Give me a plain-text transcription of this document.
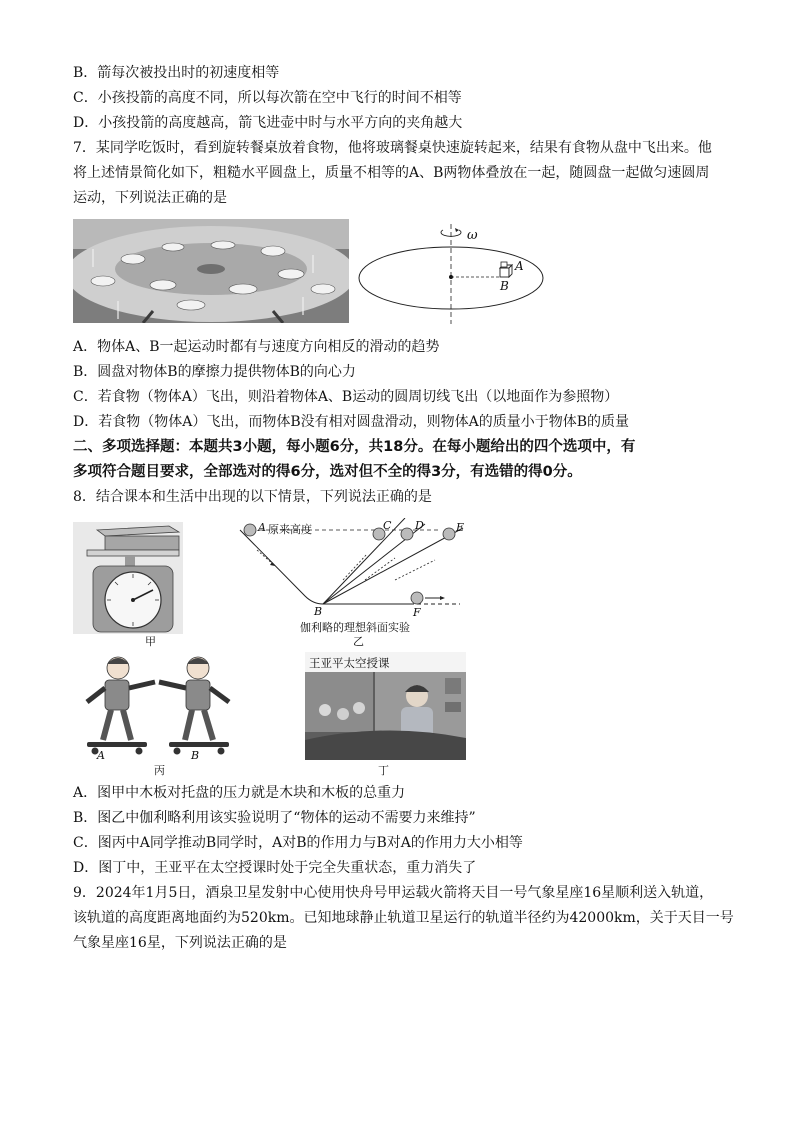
B．箭每次被投出时的初速度相等
C．小孩投箭的高度不同，所以每次箭在空中飞行的时间不相等
D．小孩投箭的高度越高，箭飞进壶中时与水平方向的夹角越大
7．某同学吃饭时，看到旋转餐桌放着食物，他将玻璃餐桌快速旋转起来，结果有食物从盘中飞出来。他
将上述情景简化如下，粗糙水平圆盘上，质量不相等的A、B两物体叠放在一起，随圆盘一起做匀速圆周
运动，下列说法正确的是
ω
A
B
A．物体A、B一起运动时都有与速度方向相反的滑动的趋势
B．圆盘对物体B的摩擦力提供物体B的向心力
C．若食物（物体A）飞出，则沿着物体A、B运动的圆周切线飞出（以地面作为参照物）
D．若食物（物体A）飞出，而物体B没有相对圆盘滑动，则物体A的质量小于物体B的质量
二、多项选择题：本题共3小题，每小题6分，共18分。在每小题给出的四个选项中，有
多项符合题目要求，全部选对的得6分，选对但不全的得3分，有选错的得0分。
8．结合课本和生活中出现的以下情景，下列说法正确的是
甲
A 原来高度
B
C D	E
F
伽利略的理想斜面实验
乙
A	B
丙
王亚平太空授课
丁
A．图甲中木板对托盘的压力就是木块和木板的总重力
B．图乙中伽利略利用该实验说明了“物体的运动不需要力来维持”
C．图丙中A同学推动B同学时，A对B的作用力与B对A的作用力大小相等
D．图丁中，王亚平在太空授课时处于完全失重状态，重力消失了
9．2024年1月5日，酒泉卫星发射中心使用快舟号甲运载火箭将天目一号气象星座16星顺利送入轨道，
该轨道的高度距离地面约为520km。已知地球静止轨道卫星运行的轨道半径约为42000km，关于天目一号
气象星座16星，下列说法正确的是
